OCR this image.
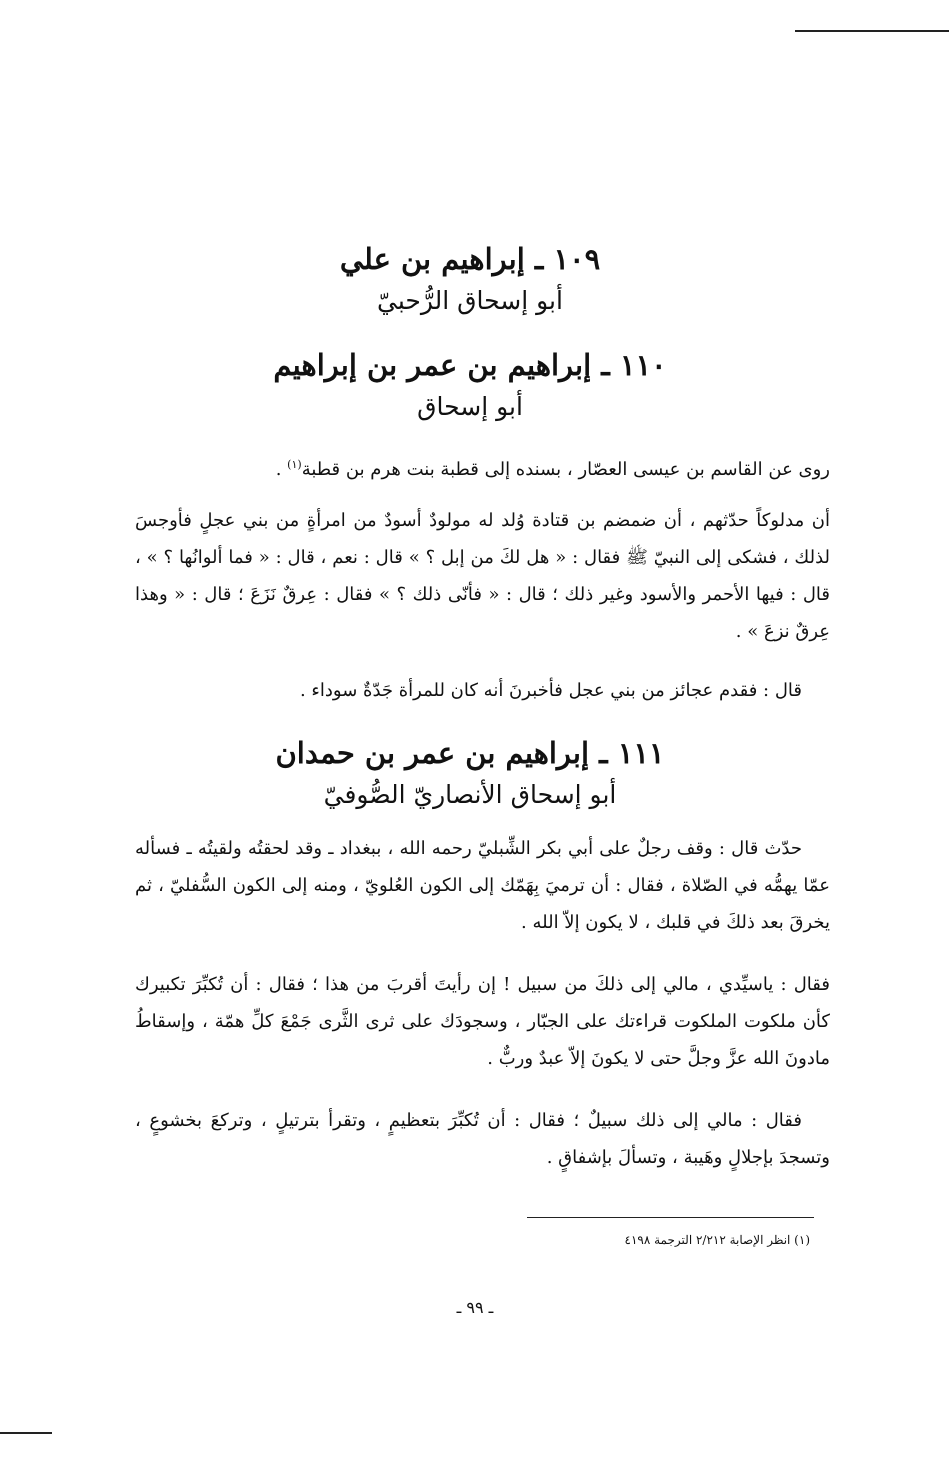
١٠٩ ـ إبراهيم بن علي
أبو إسحاق الرُّحبيّ
١١٠ ـ إبراهيم بن عمر بن إبراهيم
أبو إسحاق
روى عن القاسم بن عيسى العصّار ، بسنده إلى قطبة بنت هرم بن قطبة$^{(١)}$ .
أن مدلوكاً حدّثهم ، أن ضمضم بن قتادة وُلد له مولودٌ أسودٌ من امرأةٍ من بني عجلٍ فأوجسَ لذلك ، فشكى إلى النبيّ ﷺ فقال : « هل لكَ من إبل ؟ » قال : نعم ، قال : « فما ألوانُها ؟ » ، قال : فيها الأحمر والأسود وغير ذلك ؛ قال : « فأنّى ذلك ؟ » فقال : عِرقٌ نَزَعَ ؛ قال : « وهذا عِرقٌ نزعَ » .
قال : فقدم عجائز من بني عجل فأخبرنَ أنه كان للمرأة جَدّةٌ سوداء .
١١١ ـ إبراهيم بن عمر بن حمدان
أبو إسحاق الأنصاريّ الصُّوفيّ
حدّث قال : وقف رجلٌ على أبي بكر الشِّبليّ رحمه الله ، ببغداد ـ وقد لحقتُه ولقيتُه ـ فسأله عمّا يهمُّه في الصّلاة ، فقال : أن ترميَ بِهَمّك إلى الكون العُلويّ ، ومنه إلى الكون السُّفليّ ، ثم يخرقَ بعد ذلكَ في قلبك ، لا يكون إلاّ الله .
فقال : ياسيِّدي ، مالي إلى ذلكَ من سبيل ! إن رأيتَ أقربَ من هذا ؛ فقال : أن تُكبِّرَ تكبيرك كأن ملكوت الملكوت قراءتك على الجبّار ، وسجودَك على ثرى الثَّرى جَمْعَ كلِّ همّة ، وإسقاطُ مادونَ الله عزَّ وجلَّ حتى لا يكونَ إلاّ عبدٌ وربٌّ .
فقال : مالي إلى ذلك سبيلٌ ؛ فقال : أن تُكبِّرَ بتعظيمٍ ، وتقرأ بترتيلٍ ، وتركعَ بخشوعٍ ، وتسجدَ بإجلالٍ وهَيبة ، وتسألَ بإشفاقٍ .
(١) انظر الإصابة ٢/٢١٢ الترجمة ٤١٩٨
ـ ٩٩ ـ
